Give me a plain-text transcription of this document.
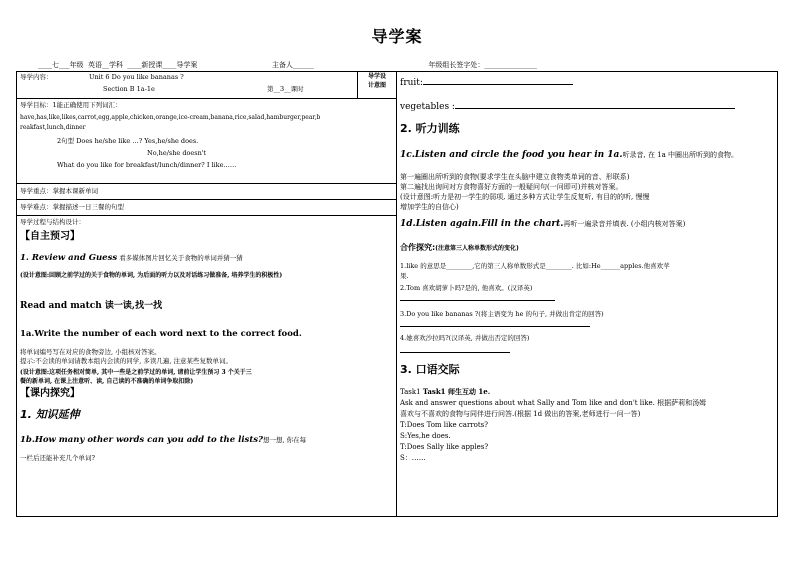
导学案
____七___年级 英语__学科 ____新授课____导学案	主备人______	年级组长签字处：_______________
导学内容：	Unit 6 Do you like bananas ?
Section B 1a-1e	第__3__课时

导学设
计意图	fruit:
vegetables :
2. 听力训练
1c.Listen and circle the food you hear in 1a.听录音, 在 1a 中圈出所听到的食物。
第一遍圈出所听到的食物(要求学生在头脑中建立食物类单词的音、形联系)
第二遍找出询问对方食物喜好方面的一般疑问句(一问即可)并核对答案。
(设计意图:听力是初一学生的弱项, 通过多种方式让学生反复听, 有目的的听, 慢慢
增加学生的自信心)
1d.Listen again.Fill in the chart.再听一遍录音并填表. (小组内核对答案)
合作探究:(注意第三人称单数形式的变化)
1.like 的意思是________,它的第三人称单数形式是________. 比如:He______apples.他喜欢苹
果.
2.Tom 喜欢胡萝卜吗?是的, 他喜欢。(汉译英)
3.Do you like bananas ?(将主语变为 he 的句子, 并做出肯定的回答)
4.她喜欢沙拉吗?(汉译英, 并做出否定的回答)
3. 口语交际
Task1 Task1 师生互动 1e.
Ask and answer questions about what Sally and Tom like and don't like. 根据萨莉和汤姆
喜欢与不喜欢的食物与同伴进行问答.(根据 1d 做出的答案,老师进行一问一答)
T:Does Tom like carrots?
S:Yes,he does.
T:Does Sally like apples?
S：……

导学目标：1能正确使用下列词汇：
have,has,like,likes,carrot,egg,apple,chicken,orange,ice-cream,banana,rice,salad,hamburger,pear,b
reakfast,lunch,dinner
2句型 Does he/she like …? Yes,he/she does.
No,he/she doesn't
What do you like for breakfast/lunch/dinner? I like……

导学重点：掌握本课新单词

导学难点：掌握描述一日三餐的句型

导学过程与结构设计：
【自主预习】
1. Review and Guess 看多媒体图片回忆关于食物的单词并猜一猜
(设计意图:回顾之前学过的关于食物的单词, 为后面的听力以及对话练习做准备, 培养学生的积极性)
Read and match 读一读,找一找
1a.Write the number of each word next to the correct food.
将单词编号写在对应的食物旁边, 小组核对答案。
提示:不会读的单词请教本组内会读的同学, 多读几遍, 注意某些复数单词。
(设计意图:这项任务相对简单, 其中一些是之前学过的单词, 请前让学生预习 3 个关于三
餐的新单词, 在课上注意听、读, 自己读的不准确的单词争取扣除)
【课内探究】
1. 知识延伸
1b.How many other words can you add to the lists?想一想, 你在每
一栏后还能补充几个单词?
